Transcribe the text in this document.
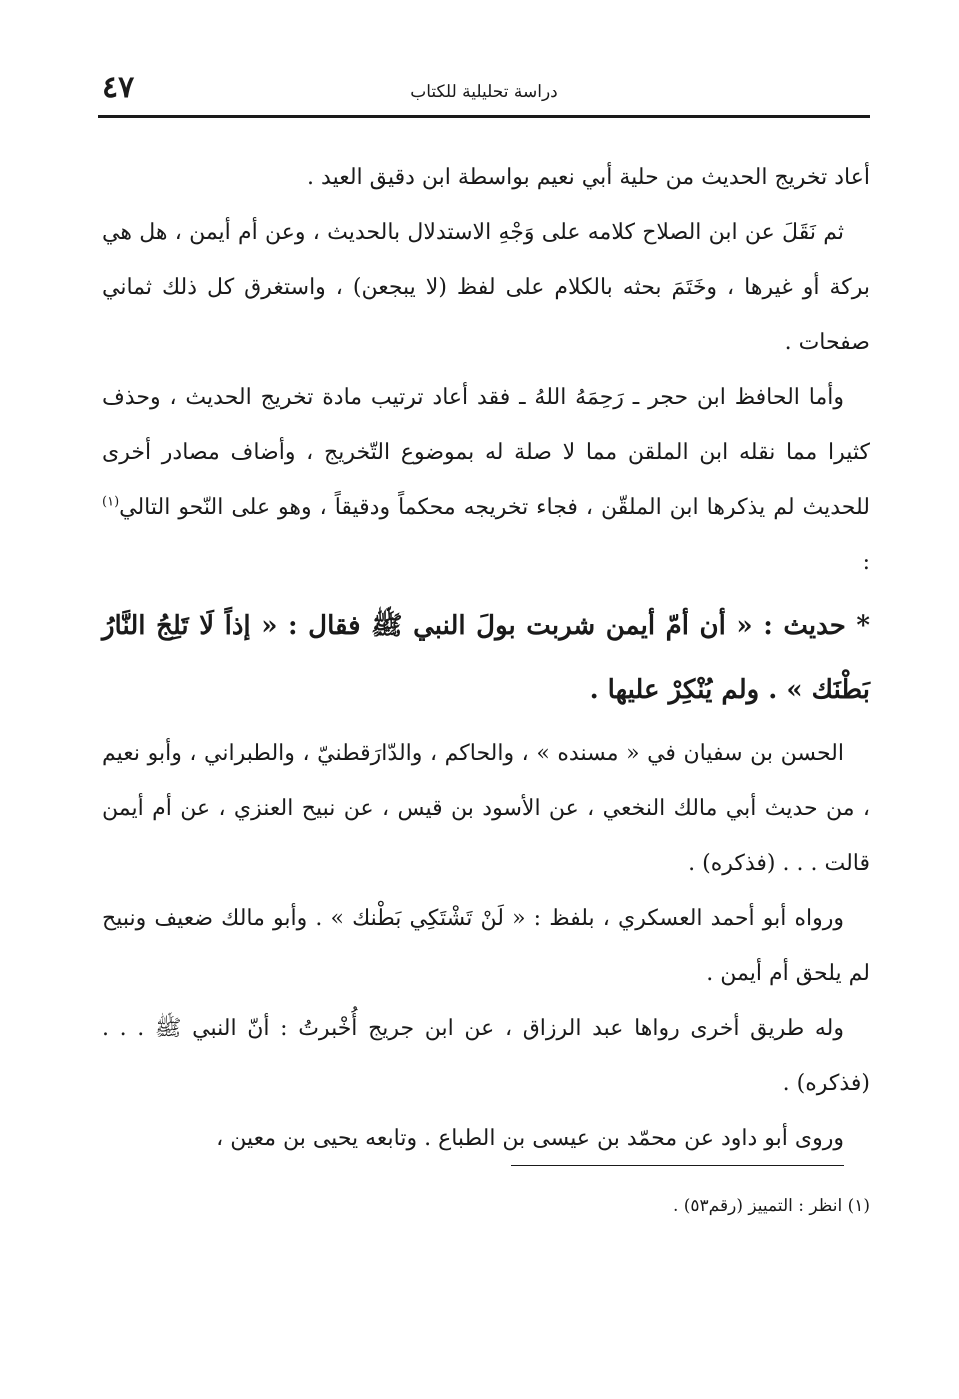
دراسة تحليلية للكتاب
٤٧

أعاد تخريج الحديث من حلية أبي نعيم بواسطة ابن دقيق العيد .

ثم نَقَلَ عن ابن الصلاح كلامه على وَجْهِ الاستدلال بالحديث ، وعن أم أيمن ، هل هي بركة أو غيرها ، وخَتَمَ بحثه بالكلام على لفظ (لا يبجعن) ، واستغرق كل ذلك ثماني صفحات .

وأما الحافظ ابن حجر ـ رَحِمَهُ اللهُ ـ فقد أعاد ترتيب مادة تخريج الحديث ، وحذف كثيرا مما نقله ابن الملقن مما لا صلة له بموضوع التّخريج ، وأضاف مصادر أخرى للحديث لم يذكرها ابن الملقّن ، فجاء تخريجه محكماً ودقيقاً ، وهو على النّحو التالي$^{(١)}$ :

* حديث : « أن أمّ أيمن شربت بولَ النبي ﷺ فقال : « إذاً لَا تَلِجُ النَّارُ بَطْنَك » . ولم يُنْكِرْ عليها .

الحسن بن سفيان في « مسنده » ، والحاكم ، والدّارَقطنيّ ، والطبراني ، وأبو نعيم ، من حديث أبي مالك النخعي ، عن الأسود بن قيس ، عن نبيح العنزي ، عن أم أيمن قالت . . . (فذكره) .

ورواه أبو أحمد العسكري ، بلفظ : « لَنْ تَشْتَكِي بَطْنك » . وأبو مالك ضعيف ونبيح لم يلحق أم أيمن .

وله طريق أخرى رواها عبد الرزاق ، عن ابن جريج أُخْبرتُ : أنّ النبي ﷺ . . . (فذكره) .

وروى أبو داود عن محمّد بن عيسى بن الطباع . وتابعه يحيى بن معين ،

(١) انظر : التمييز (رقم٥٣) .
